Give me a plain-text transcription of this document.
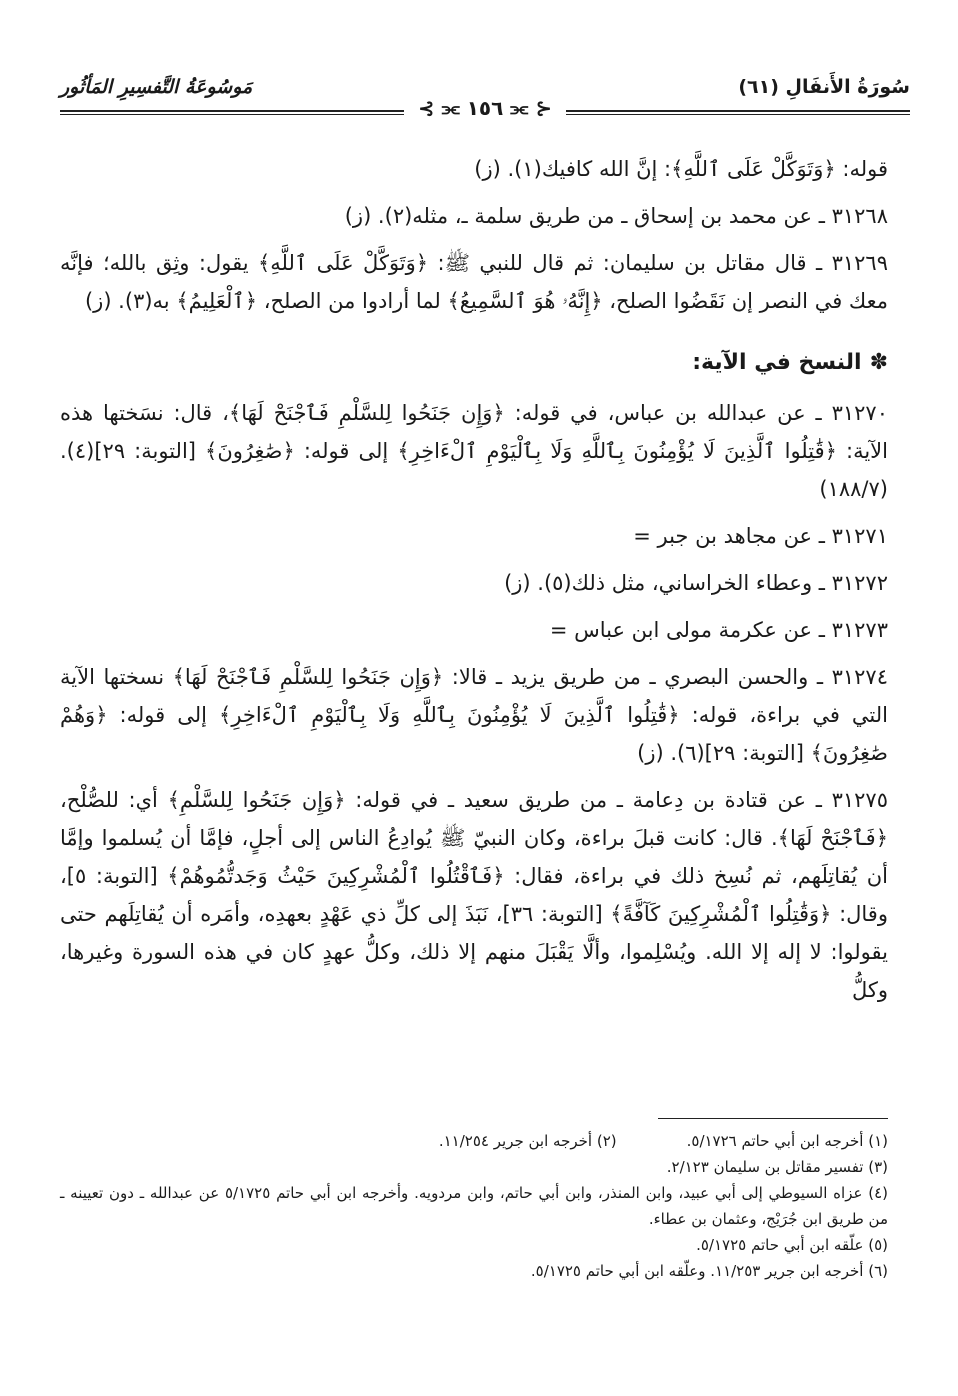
سُورَةُ الأَنفَالِ (٦١)
مَوسُوعَةُ التَّفسِيرِ المَأثُور
⊰ ⫘ ١٥٦ ⫘ ⊱

قوله: ﴿وَتَوَكَّلْ عَلَى ٱللَّهِ﴾: إنَّ الله كافيك(١). (ز)

٣١٢٦٨ ـ عن محمد بن إسحاق ـ من طريق سلمة ـ، مثله(٢). (ز)

٣١٢٦٩ ـ قال مقاتل بن سليمان: ثم قال للنبي ﷺ: ﴿وَتَوَكَّلْ عَلَى ٱللَّهِ﴾ يقول: وثِق بالله؛ فإنَّه معك في النصر إن نَقَضُوا الصلح، ﴿إِنَّهُۥ هُوَ ٱلسَّمِيعُ﴾ لما أرادوا من الصلح، ﴿ٱلْعَلِيمُ﴾ به(٣). (ز)

✽النسخ في الآية:

٣١٢٧٠ ـ عن عبدالله بن عباس، في قوله: ﴿وَإِن جَنَحُوا لِلسَّلْمِ فَٱجْنَحْ لَهَا﴾، قال: نسَختها هذه الآية: ﴿قَٰتِلُوا ٱلَّذِينَ لَا يُؤْمِنُونَ بِٱللَّهِ وَلَا بِٱلْيَوْمِ ٱلْءَاخِرِ﴾ إلى قوله: ﴿صَٰغِرُونَ﴾ [التوبة: ٢٩](٤). (١٨٨/٧)

٣١٢٧١ ـ عن مجاهد بن جبر =

٣١٢٧٢ ـ وعطاء الخراساني، مثل ذلك(٥). (ز)

٣١٢٧٣ ـ عن عكرمة مولى ابن عباس =

٣١٢٧٤ ـ والحسن البصري ـ من طريق يزيد ـ قالا: ﴿وَإِن جَنَحُوا لِلسَّلْمِ فَٱجْنَحْ لَهَا﴾ نسختها الآية التي في براءة، قوله: ﴿قَٰتِلُوا ٱلَّذِينَ لَا يُؤْمِنُونَ بِٱللَّهِ وَلَا بِٱلْيَوْمِ ٱلْءَاخِرِ﴾ إلى قوله: ﴿وَهُمْ صَٰغِرُونَ﴾ [التوبة: ٢٩](٦). (ز)

٣١٢٧٥ ـ عن قتادة بن دِعامة ـ من طريق سعيد ـ في قوله: ﴿وَإِن جَنَحُوا لِلسَّلْمِ﴾ أي: للصُّلْح، ﴿فَٱجْنَحْ لَهَا﴾. قال: كانت قبلَ براءة، وكان النبيّ ﷺ يُوادِعُ الناس إلى أجلٍ، فإمَّا أن يُسلموا وإمَّا أن يُقاتِلَهم، ثم نُسِخ ذلك في براءة، فقال: ﴿فَٱقْتُلُوا ٱلْمُشْرِكِينَ حَيْثُ وَجَدتُّمُوهُمْ﴾ [التوبة: ٥]، وقال: ﴿وَقَٰتِلُوا ٱلْمُشْرِكِينَ كَآفَّةً﴾ [التوبة: ٣٦]، نَبَذَ إلى كلِّ ذي عَهْدٍ بعهدِه، وأمَره أن يُقاتِلَهم حتى يقولوا: لا إله إلا الله. ويُسْلِموا، وألَّا يَقْبَلَ منهم إلا ذلك، وكلُّ عهدٍ كان في هذه السورة وغيرها، وكلُّ

(١) أخرجه ابن أبي حاتم ٥/١٧٢٦.

(٢) أخرجه ابن جرير ١١/٢٥٤.

(٣) تفسير مقاتل بن سليمان ٢/١٢٣.

(٤) عزاه السيوطي إلى أبي عبيد، وابن المنذر، وابن أبي حاتم، وابن مردويه. وأخرجه ابن أبي حاتم ٥/١٧٢٥ عن عبدالله ـ دون تعيينه ـ من طريق ابن جُرَيْج، وعثمان بن عطاء.

(٥) علّقه ابن أبي حاتم ٥/١٧٢٥.

(٦) أخرجه ابن جرير ١١/٢٥٣. وعلّقه ابن أبي حاتم ٥/١٧٢٥.
